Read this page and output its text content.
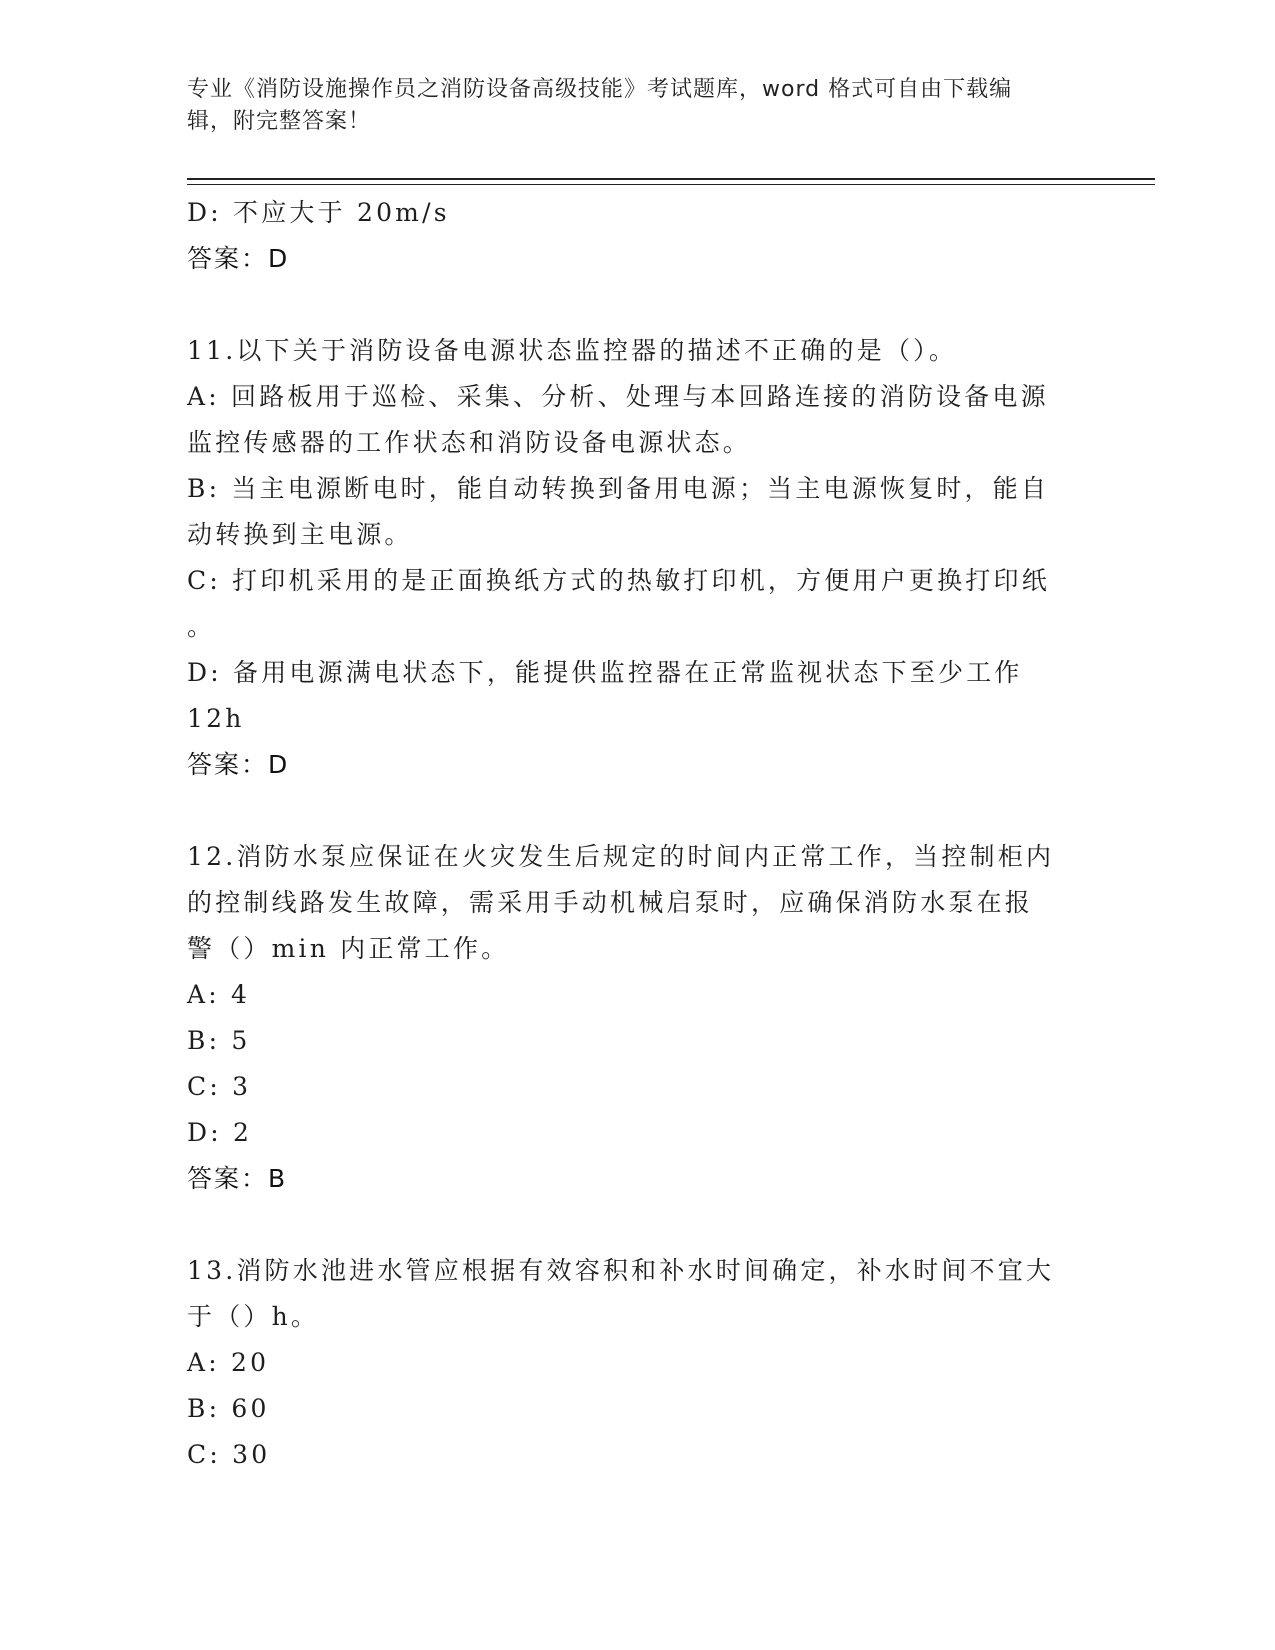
专业《消防设施操作员之消防设备高级技能》考试题库，word 格式可自由下载编
辑，附完整答案！
D: 不应大于 20m/s
答案：D
11.以下关于消防设备电源状态监控器的描述不正确的是（）。
A: 回路板用于巡检、采集、分析、处理与本回路连接的消防设备电源
监控传感器的工作状态和消防设备电源状态。
B: 当主电源断电时，能自动转换到备用电源；当主电源恢复时，能自
动转换到主电源。
C: 打印机采用的是正面换纸方式的热敏打印机，方便用户更换打印纸
。
D: 备用电源满电状态下，能提供监控器在正常监视状态下至少工作
12h
答案：D
12.消防水泵应保证在火灾发生后规定的时间内正常工作，当控制柜内
的控制线路发生故障，需采用手动机械启泵时，应确保消防水泵在报
警（）min 内正常工作。
A: 4
B: 5
C: 3
D: 2
答案：B
13.消防水池进水管应根据有效容积和补水时间确定，补水时间不宜大
于（）h。
A: 20
B: 60
C: 30
